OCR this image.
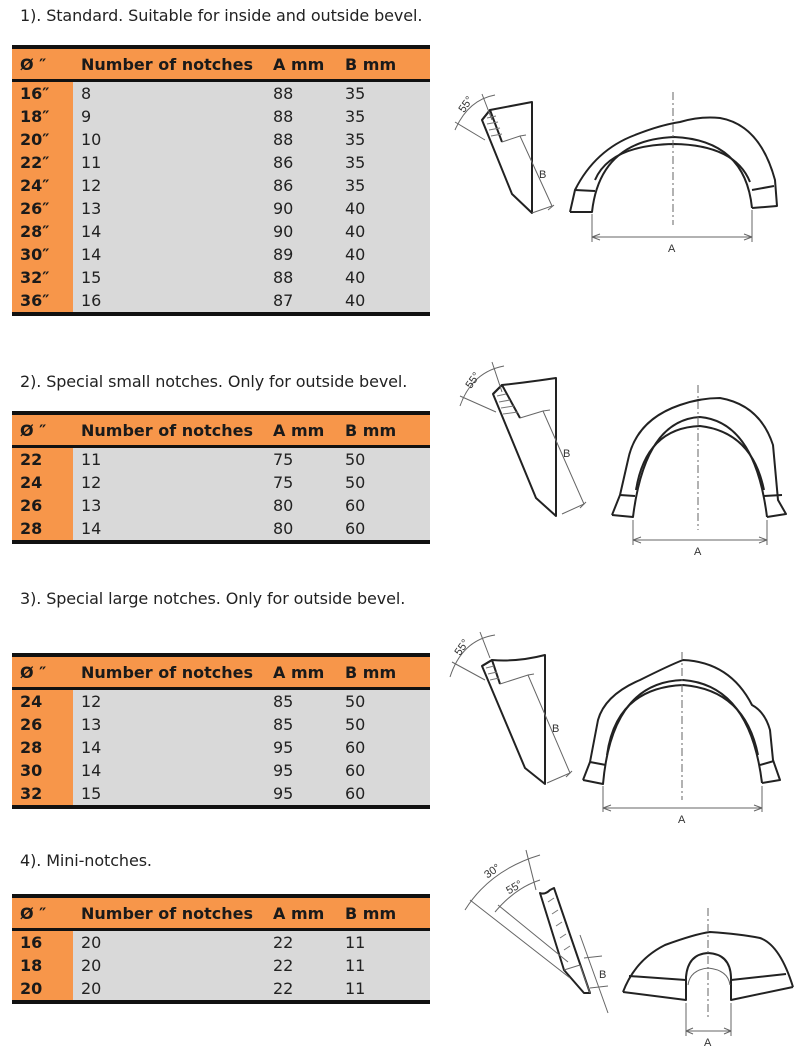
1). Standard. Suitable for inside and outside bevel.
Ø ″	Number of notches	A mm	B mm
16″	8	88	35
18″	9	88	35
20″	10	88	35
22″	11	86	35
24″	12	86	35
26″	13	90	40
28″	14	90	40
30″	14	89	40
32″	15	88	40
36″	16	87	40
55°
B
A
2). Special small notches. Only for outside bevel.
Ø ″	Number of notches	A mm	B mm
22	11	75	50
24	12	75	50
26	13	80	60
28	14	80	60
55°
B
A
3). Special large notches. Only for outside bevel.
Ø ″	Number of notches	A mm	B mm
24	12	85	50
26	13	85	50
28	14	95	60
30	14	95	60
32	15	95	60
55°
B
A
4). Mini-notches.
Ø ″	Number of notches	A mm	B mm
16	20	22	11
18	20	22	11
20	20	22	11
30°
55°
B
A
